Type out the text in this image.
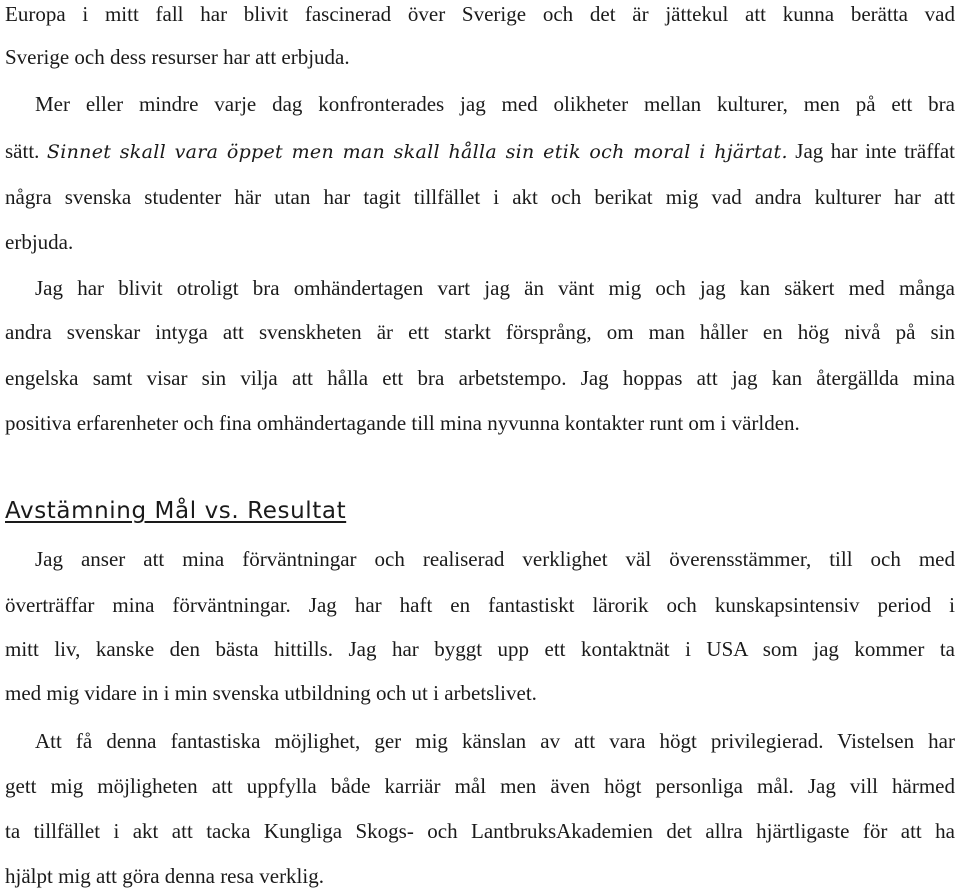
Europa i mitt fall har blivit fascinerad över Sverige och det är jättekul att kunna berätta vad
Sverige och dess resurser har att erbjuda.
Mer eller mindre varje dag konfronterades jag med olikheter mellan kulturer, men på ett bra
sätt. Sinnet skall vara öppet men man skall hålla sin etik och moral i hjärtat. Jag har inte träffat
några svenska studenter här utan har tagit tillfället i akt och berikat mig vad andra kulturer har att
erbjuda.
Jag har blivit otroligt bra omhändertagen vart jag än vänt mig och jag kan säkert med många
andra svenskar intyga att svenskheten är ett starkt försprång, om man håller en hög nivå på sin
engelska samt visar sin vilja att hålla ett bra arbetstempo. Jag hoppas att jag kan återgällda mina
positiva erfarenheter och fina omhändertagande till mina nyvunna kontakter runt om i världen.
Avstämning Mål vs. Resultat
Jag anser att mina förväntningar och realiserad verklighet väl överensstämmer, till och med
överträffar mina förväntningar. Jag har haft en fantastiskt lärorik och kunskapsintensiv period i
mitt liv, kanske den bästa hittills. Jag har byggt upp ett kontaktnät i USA som jag kommer ta
med mig vidare in i min svenska utbildning och ut i arbetslivet.
Att få denna fantastiska möjlighet, ger mig känslan av att vara högt privilegierad. Vistelsen har
gett mig möjligheten att uppfylla både karriär mål men även högt personliga mål. Jag vill härmed
ta tillfället i akt att tacka Kungliga Skogs- och LantbruksAkademien det allra hjärtligaste för att ha
hjälpt mig att göra denna resa verklig.
